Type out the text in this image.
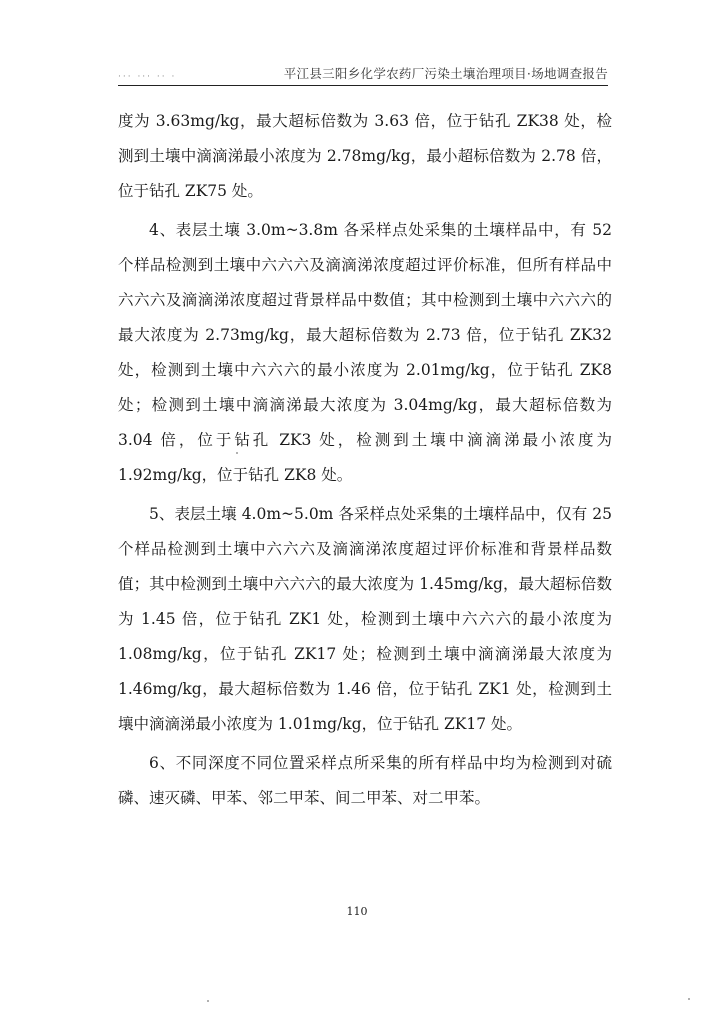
··· ··· ·· ·	平江县三阳乡化学农药厂污染土壤治理项目·场地调查报告

度为 3.63mg/kg，最大超标倍数为 3.63 倍，位于钻孔 ZK38 处，检测到土壤中滴滴涕最小浓度为 2.78mg/kg，最小超标倍数为 2.78 倍，位于钻孔 ZK75 处。

4、表层土壤 3.0m~3.8m 各采样点处采集的土壤样品中，有 52 个样品检测到土壤中六六六及滴滴涕浓度超过评价标准，但所有样品中六六六及滴滴涕浓度超过背景样品中数值；其中检测到土壤中六六六的最大浓度为 2.73mg/kg，最大超标倍数为 2.73 倍，位于钻孔 ZK32 处，检测到土壤中六六六的最小浓度为 2.01mg/kg，位于钻孔 ZK8 处；检测到土壤中滴滴涕最大浓度为 3.04mg/kg，最大超标倍数为 3.04 倍，位于钻孔 ZK3 处，检测到土壤中滴滴涕最小浓度为 1.92mg/kg，位于钻孔 ZK8 处。

5、表层土壤 4.0m~5.0m 各采样点处采集的土壤样品中，仅有 25 个样品检测到土壤中六六六及滴滴涕浓度超过评价标准和背景样品数值；其中检测到土壤中六六六的最大浓度为 1.45mg/kg，最大超标倍数为 1.45 倍，位于钻孔 ZK1 处，检测到土壤中六六六的最小浓度为 1.08mg/kg，位于钻孔 ZK17 处；检测到土壤中滴滴涕最大浓度为 1.46mg/kg，最大超标倍数为 1.46 倍，位于钻孔 ZK1 处，检测到土壤中滴滴涕最小浓度为 1.01mg/kg，位于钻孔 ZK17 处。

6、不同深度不同位置采样点所采集的所有样品中均为检测到对硫磷、速灭磷、甲苯、邻二甲苯、间二甲苯、对二甲苯。

110
